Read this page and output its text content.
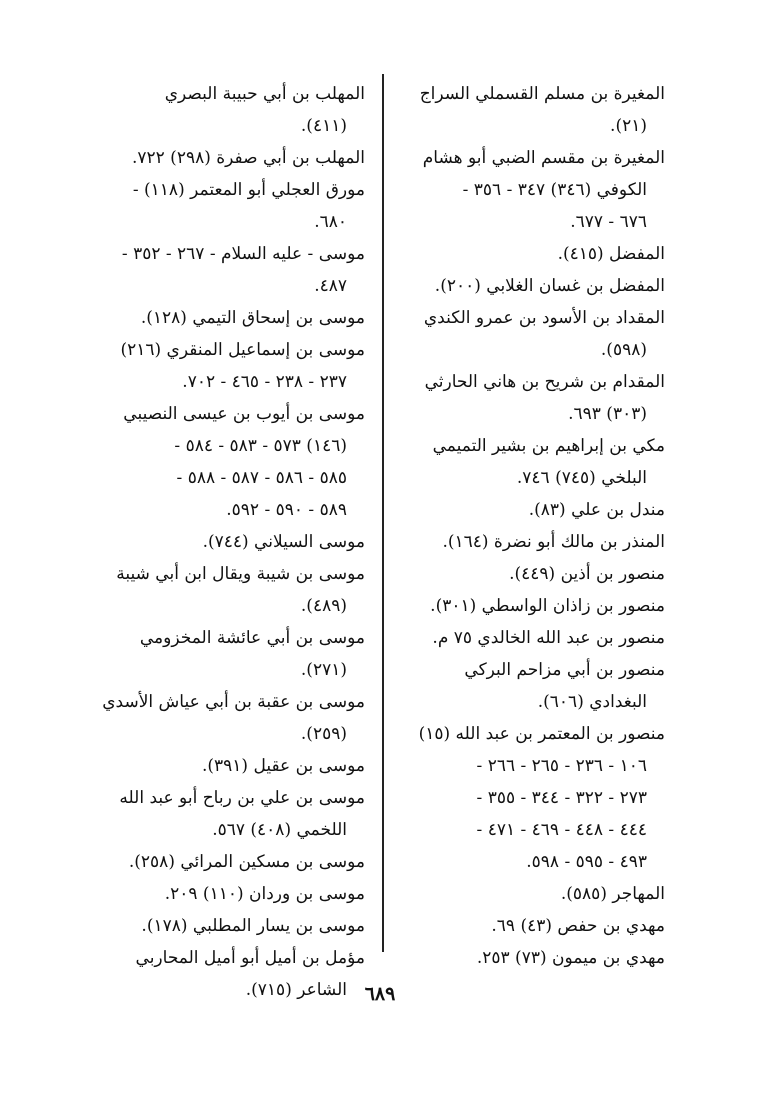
المغيرة بن مسلم القسملي السراج
(٢١).
المغيرة بن مقسم الضبي أبو هشام
الكوفي (٣٤٦) ٣٤٧ - ٣٥٦ -
٦٧٦ - ٦٧٧.
المفضل (٤١٥).
المفضل بن غسان الغلابي (٢٠٠).
المقداد بن الأسود بن عمرو الكندي
(٥٩٨).
المقدام بن شريح بن هاني الحارثي
(٣٠٣) ٦٩٣.
مكي بن إبراهيم بن بشير التميمي
البلخي (٧٤٥) ٧٤٦.
مندل بن علي (٨٣).
المنذر بن مالك أبو نضرة (١٦٤).
منصور بن أذين (٤٤٩).
منصور بن زاذان الواسطي (٣٠١).
منصور بن عبد الله الخالدي ٧٥ م.
منصور بن أبي مزاحم البركي
البغدادي (٦٠٦).
منصور بن المعتمر بن عبد الله (١٥)
١٠٦ - ٢٣٦ - ٢٦٥ - ٢٦٦ -
٢٧٣ - ٣٢٢ - ٣٤٤ - ٣٥٥ -
٤٤٤ - ٤٤٨ - ٤٦٩ - ٤٧١ -
٤٩٣ - ٥٩٥ - ٥٩٨.
المهاجر (٥٨٥).
مهدي بن حفص (٤٣) ٦٩.
مهدي بن ميمون (٧٣) ٢٥٣.
المهلب بن أبي حبيبة البصري
(٤١١).
المهلب بن أبي صفرة (٢٩٨) ٧٢٢.
مورق العجلي أبو المعتمر (١١٨) -
٦٨٠.
موسى - عليه السلام - ٢٦٧ - ٣٥٢ -
٤٨٧.
موسى بن إسحاق التيمي (١٢٨).
موسى بن إسماعيل المنقري (٢١٦)
٢٣٧ - ٢٣٨ - ٤٦٥ - ٧٠٢.
موسى بن أيوب بن عيسى النصيبي
(١٤٦) ٥٧٣ - ٥٨٣ - ٥٨٤ -
٥٨٥ - ٥٨٦ - ٥٨٧ - ٥٨٨ -
٥٨٩ - ٥٩٠ - ٥٩٢.
موسى السيلاني (٧٤٤).
موسى بن شيبة ويقال ابن أبي شيبة
(٤٨٩).
موسى بن أبي عائشة المخزومي
(٢٧١).
موسى بن عقبة بن أبي عياش الأسدي
(٢٥٩).
موسى بن عقيل (٣٩١).
موسى بن علي بن رباح أبو عبد الله
اللخمي (٤٠٨) ٥٦٧.
موسى بن مسكين المرائي (٢٥٨).
موسى بن وردان (١١٠) ٢٠٩.
موسى بن يسار المطلبي (١٧٨).
مؤمل بن أميل أبو أميل المحاربي
الشاعر (٧١٥). ٦٨٩
